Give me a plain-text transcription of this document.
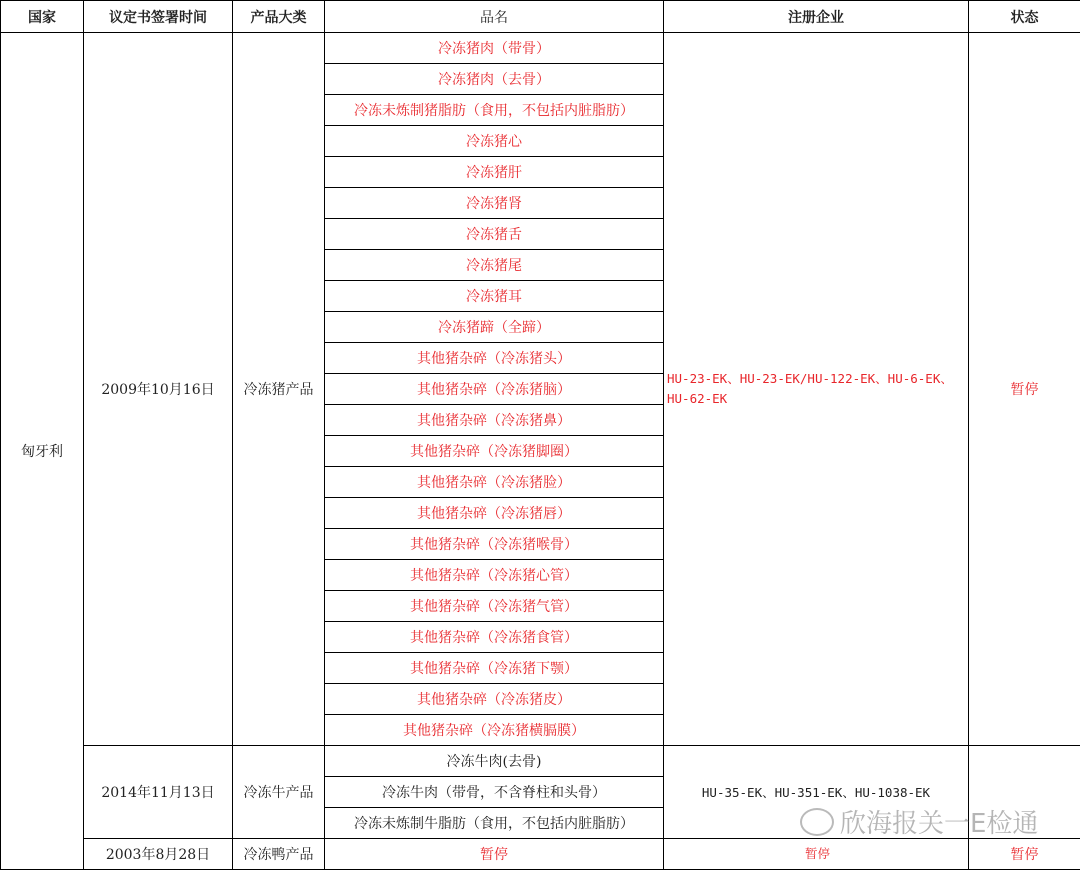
国家	议定书签署时间	产品大类	品名	注册企业	状态
匈牙利	2009年10月16日	冷冻猪产品	冷冻猪肉（带骨）	HU-23-EK、HU-23-EK/HU-122-EK、HU-6-EK、HU-62-EK	暂停
			冷冻猪肉（去骨）		
			冷冻未炼制猪脂肪（食用，不包括内脏脂肪）		
			冷冻猪心		
			冷冻猪肝		
			冷冻猪肾		
			冷冻猪舌		
			冷冻猪尾		
			冷冻猪耳		
			冷冻猪蹄（全蹄）		
			其他猪杂碎（冷冻猪头）		
			其他猪杂碎（冷冻猪脑）		
			其他猪杂碎（冷冻猪鼻）		
			其他猪杂碎（冷冻猪脚圈）		
			其他猪杂碎（冷冻猪脸）		
			其他猪杂碎（冷冻猪唇）		
			其他猪杂碎（冷冻猪喉骨）		
			其他猪杂碎（冷冻猪心管）		
			其他猪杂碎（冷冻猪气管）		
			其他猪杂碎（冷冻猪食管）		
			其他猪杂碎（冷冻猪下颚）		
			其他猪杂碎（冷冻猪皮）		
			其他猪杂碎（冷冻猪横膈膜）		
	2014年11月13日	冷冻牛产品	冷冻牛肉(去骨)	HU-35-EK、HU-351-EK、HU-1038-EK	
			冷冻牛肉（带骨，不含脊柱和头骨）		
			冷冻未炼制牛脂肪（食用，不包括内脏脂肪）		
	2003年8月28日	冷冻鸭产品	暂停	暂停	暂停
欣海报关一E检通
